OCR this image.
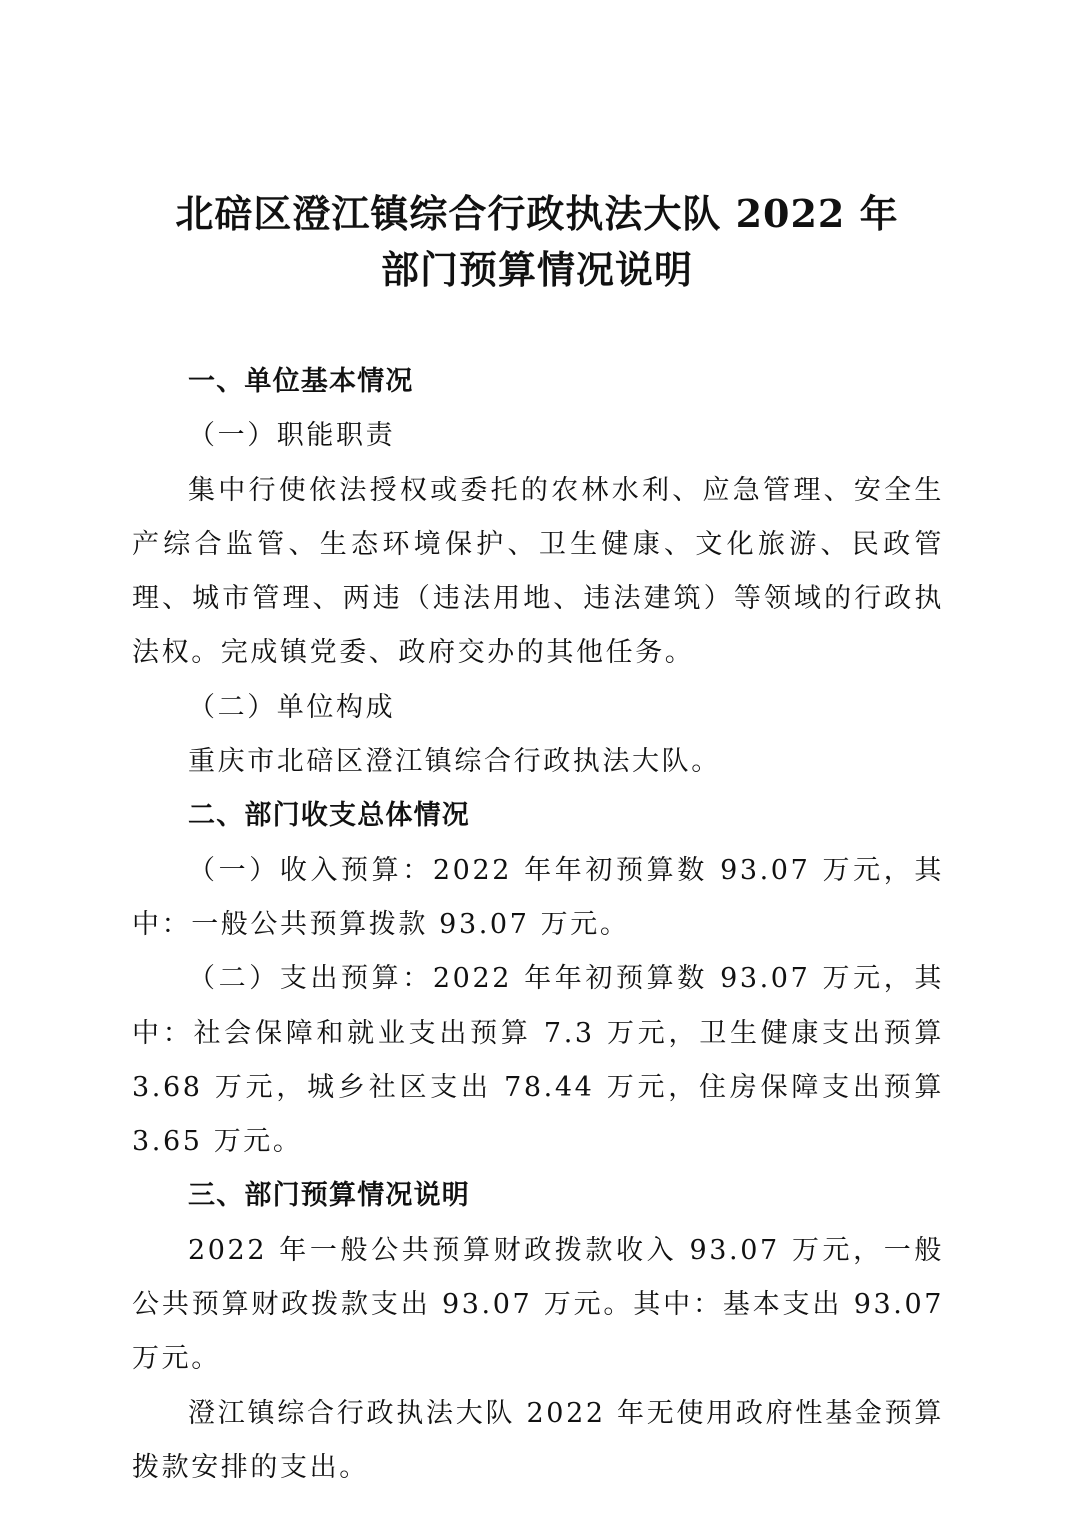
北碚区澄江镇综合行政执法大队 2022 年
部门预算情况说明

一、单位基本情况

（一）职能职责

集中行使依法授权或委托的农林水利、应急管理、安全生产综合监管、生态环境保护、卫生健康、文化旅游、民政管理、城市管理、两违（违法用地、违法建筑）等领域的行政执法权。完成镇党委、政府交办的其他任务。

（二）单位构成

重庆市北碚区澄江镇综合行政执法大队。

二、部门收支总体情况

（一）收入预算：2022 年年初预算数 93.07 万元，其中：一般公共预算拨款 93.07 万元。

（二）支出预算：2022 年年初预算数 93.07 万元，其中：社会保障和就业支出预算 7.3 万元，卫生健康支出预算 3.68 万元，城乡社区支出 78.44 万元，住房保障支出预算 3.65 万元。

三、部门预算情况说明

2022 年一般公共预算财政拨款收入 93.07 万元，一般公共预算财政拨款支出 93.07 万元。其中：基本支出 93.07 万元。

澄江镇综合行政执法大队 2022 年无使用政府性基金预算拨款安排的支出。
